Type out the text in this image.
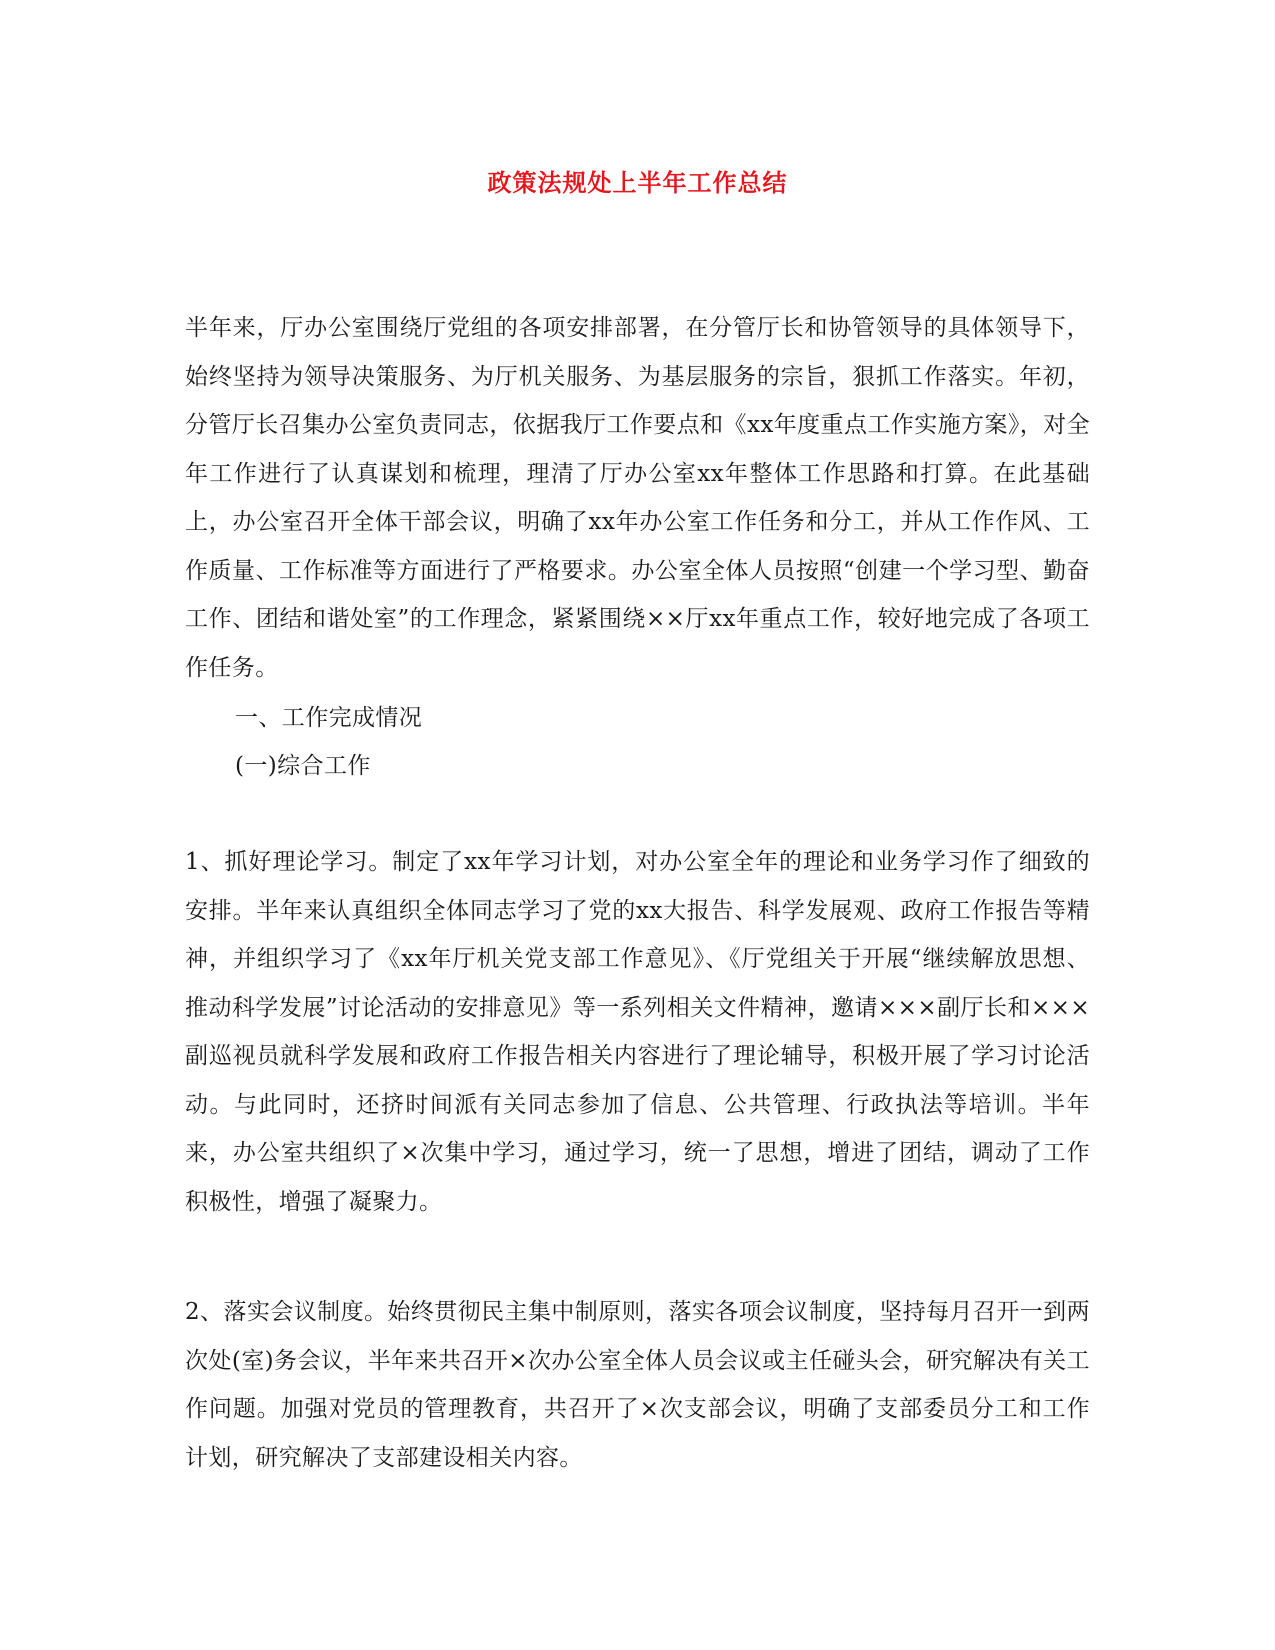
政策法规处上半年工作总结

半年来，厅办公室围绕厅党组的各项安排部署，在分管厅长和协管领导的具体领导下，始终坚持为领导决策服务、为厅机关服务、为基层服务的宗旨，狠抓工作落实。年初，分管厅长召集办公室负责同志，依据我厅工作要点和《xx年度重点工作实施方案》，对全年工作进行了认真谋划和梳理，理清了厅办公室xx年整体工作思路和打算。在此基础上，办公室召开全体干部会议，明确了xx年办公室工作任务和分工，并从工作作风、工作质量、工作标准等方面进行了严格要求。办公室全体人员按照“创建一个学习型、勤奋工作、团结和谐处室”的工作理念，紧紧围绕××厅xx年重点工作，较好地完成了各项工作任务。

一、工作完成情况

(一)综合工作

1、抓好理论学习。制定了xx年学习计划，对办公室全年的理论和业务学习作了细致的安排。半年来认真组织全体同志学习了党的xx大报告、科学发展观、政府工作报告等精神，并组织学习了《xx年厅机关党支部工作意见》、《厅党组关于开展“继续解放思想、推动科学发展”讨论活动的安排意见》等一系列相关文件精神，邀请×××副厅长和×××副巡视员就科学发展和政府工作报告相关内容进行了理论辅导，积极开展了学习讨论活动。与此同时，还挤时间派有关同志参加了信息、公共管理、行政执法等培训。半年来，办公室共组织了×次集中学习，通过学习，统一了思想，增进了团结，调动了工作积极性，增强了凝聚力。

2、落实会议制度。始终贯彻民主集中制原则，落实各项会议制度，坚持每月召开一到两次处(室)务会议，半年来共召开×次办公室全体人员会议或主任碰头会，研究解决有关工作问题。加强对党员的管理教育，共召开了×次支部会议，明确了支部委员分工和工作计划，研究解决了支部建设相关内容。
